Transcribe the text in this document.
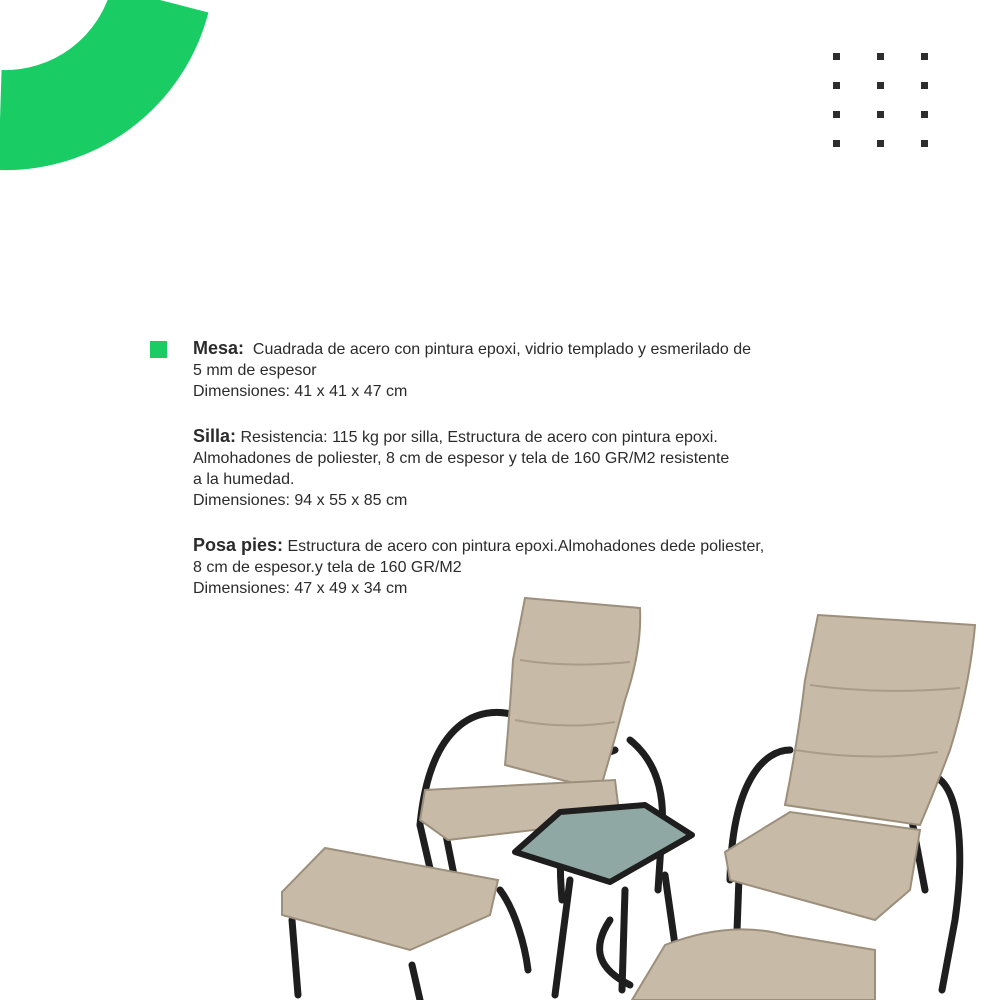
Mesa: Cuadrada de acero con pintura epoxi, vidrio templado y esmerilado de

5 mm de espesor

Dimensiones: 41 x 41 x 47 cm

Silla: Resistencia: 115 kg por silla, Estructura de acero con pintura epoxi.

Almohadones de poliester, 8 cm de espesor y tela de 160 GR/M2 resistente

a la humedad.

Dimensiones: 94 x 55 x 85 cm

Posa pies: Estructura de acero con pintura epoxi.Almohadones dede poliester,

8 cm de espesor.y tela de 160 GR/M2

Dimensiones: 47 x 49 x 34 cm
